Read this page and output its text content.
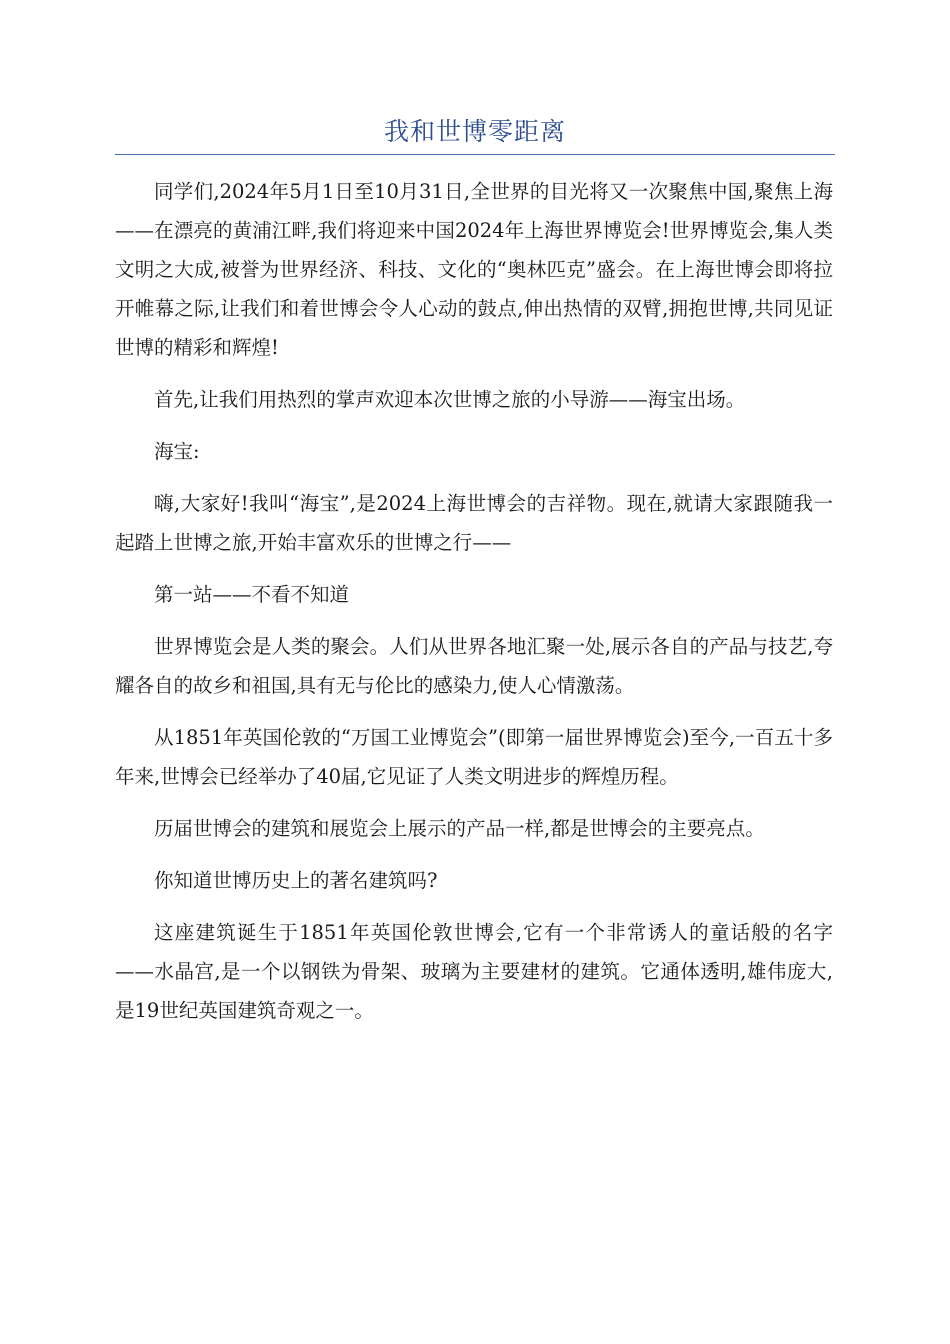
我和世博零距离

同学们,2024年5月1日至10月31日,全世界的目光将又一次聚焦中国,聚焦上海——在漂亮的黄浦江畔,我们将迎来中国2024年上海世界博览会!世界博览会,集人类文明之大成,被誉为世界经济、科技、文化的“奥林匹克”盛会。在上海世博会即将拉开帷幕之际,让我们和着世博会令人心动的鼓点,伸出热情的双臂,拥抱世博,共同见证世博的精彩和辉煌!

首先,让我们用热烈的掌声欢迎本次世博之旅的小导游——海宝出场。

海宝:

嗨,大家好!我叫“海宝”,是2024上海世博会的吉祥物。现在,就请大家跟随我一起踏上世博之旅,开始丰富欢乐的世博之行——

第一站——不看不知道

世界博览会是人类的聚会。人们从世界各地汇聚一处,展示各自的产品与技艺,夸耀各自的故乡和祖国,具有无与伦比的感染力,使人心情激荡。

从1851年英国伦敦的“万国工业博览会”(即第一届世界博览会)至今,一百五十多年来,世博会已经举办了40届,它见证了人类文明进步的辉煌历程。

历届世博会的建筑和展览会上展示的产品一样,都是世博会的主要亮点。

你知道世博历史上的著名建筑吗?

这座建筑诞生于1851年英国伦敦世博会,它有一个非常诱人的童话般的名字——水晶宫,是一个以钢铁为骨架、玻璃为主要建材的建筑。它通体透明,雄伟庞大,是19世纪英国建筑奇观之一。
